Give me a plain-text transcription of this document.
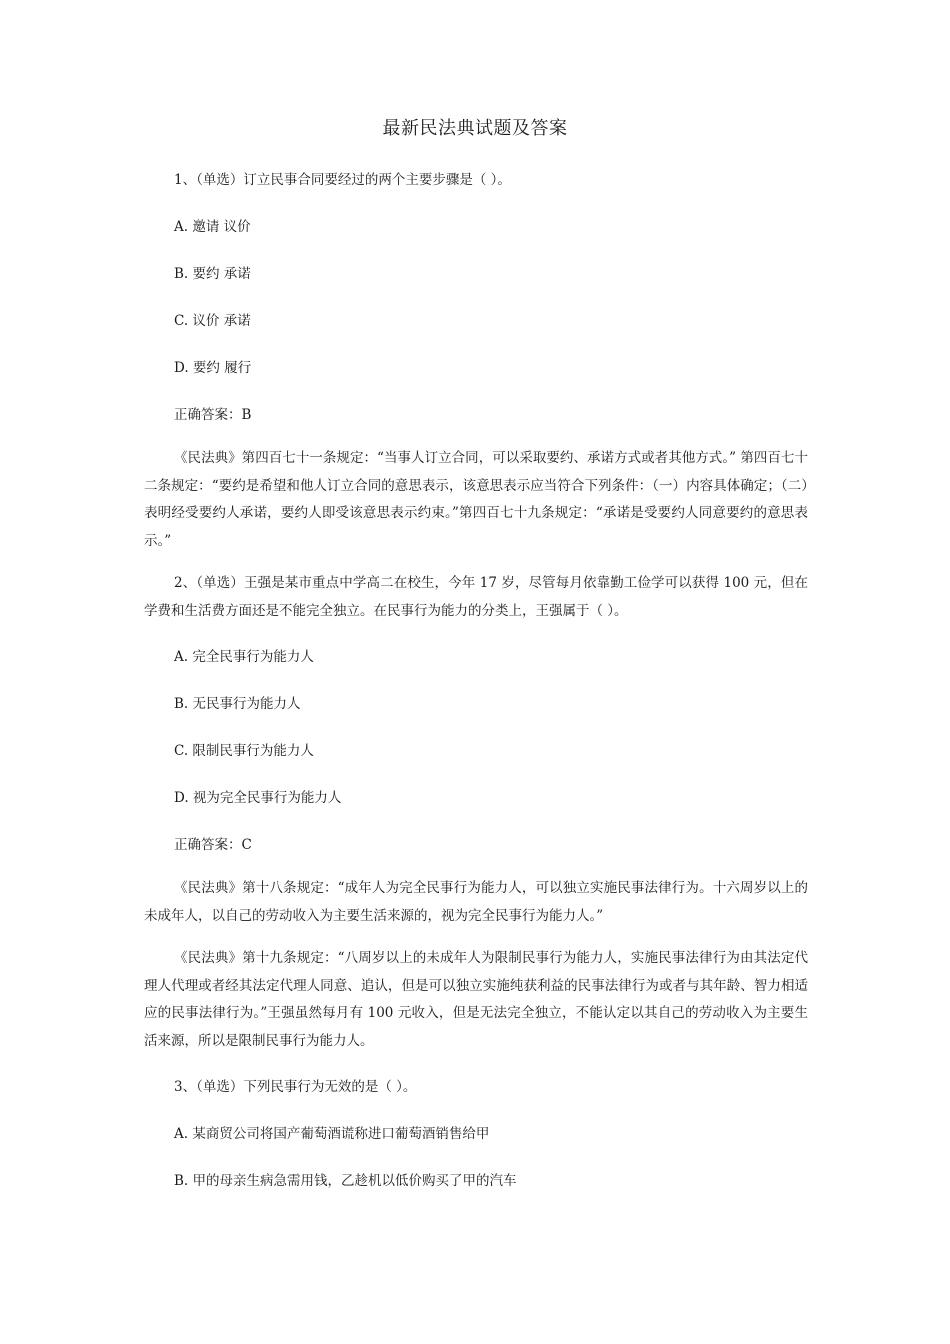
最新民法典试题及答案
1、（单选）订立民事合同要经过的两个主要步骤是（ ）。
A. 邀请 议价
B. 要约 承诺
C. 议价 承诺
D. 要约 履行
正确答案：B
《民法典》第四百七十一条规定：“当事人订立合同，可以采取要约、承诺方式或者其他方式。” 第四百七十二条规定：“要约是希望和他人订立合同的意思表示，该意思表示应当符合下列条件：（一）内容具体确定；（二）表明经受要约人承诺，要约人即受该意思表示约束。”第四百七十九条规定：“承诺是受要约人同意要约的意思表示。”
2、（单选）王强是某市重点中学高二在校生，今年 17 岁，尽管每月依靠勤工俭学可以获得 100 元，但在学费和生活费方面还是不能完全独立。在民事行为能力的分类上，王强属于（ ）。
A. 完全民事行为能力人
B. 无民事行为能力人
C. 限制民事行为能力人
D. 视为完全民事行为能力人
正确答案：C
《民法典》第十八条规定：“成年人为完全民事行为能力人，可以独立实施民事法律行为。十六周岁以上的未成年人，以自己的劳动收入为主要生活来源的，视为完全民事行为能力人。”
《民法典》第十九条规定：“八周岁以上的未成年人为限制民事行为能力人，实施民事法律行为由其法定代理人代理或者经其法定代理人同意、追认，但是可以独立实施纯获利益的民事法律行为或者与其年龄、智力相适应的民事法律行为。”王强虽然每月有 100 元收入，但是无法完全独立，不能认定以其自己的劳动收入为主要生活来源，所以是限制民事行为能力人。
3、（单选）下列民事行为无效的是（ ）。
A. 某商贸公司将国产葡萄酒谎称进口葡萄酒销售给甲
B. 甲的母亲生病急需用钱，乙趁机以低价购买了甲的汽车
